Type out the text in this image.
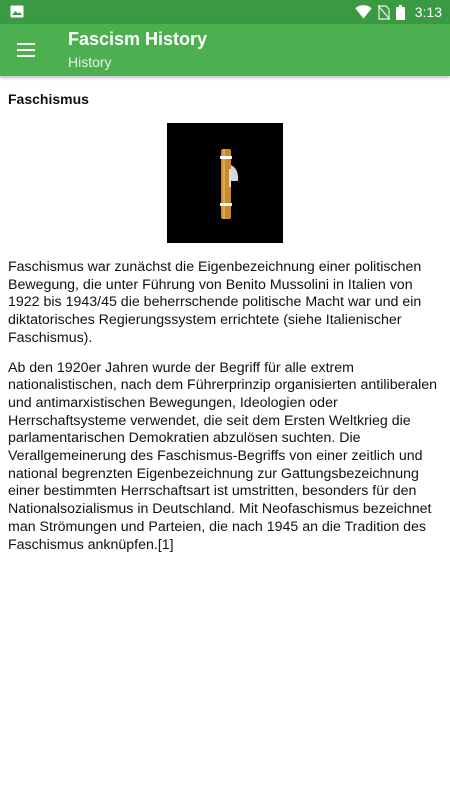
3:13
Fascism History
History
Faschismus

Faschismus war zunächst die Eigenbezeichnung einer politischen Bewegung, die unter Führung von Benito Mussolini in Italien von 1922 bis 1943/45 die beherrschende politische Macht war und ein diktatorisches Regierungssystem errichtete (siehe Italienischer Faschismus).

Ab den 1920er Jahren wurde der Begriff für alle extrem nationalistischen, nach dem Führerprinzip organisierten antiliberalen und antimarxistischen Bewegungen, Ideologien oder Herrschaftsysteme verwendet, die seit dem Ersten Weltkrieg die parlamentarischen Demokratien abzulösen suchten. Die Verallgemeinerung des Faschismus-Begriffs von einer zeitlich und national begrenzten Eigenbezeichnung zur Gattungsbezeichnung einer bestimmten Herrschaftsart ist umstritten, besonders für den Nationalsozialismus in Deutschland. Mit Neofaschismus bezeichnet man Strömungen und Parteien, die nach 1945 an die Tradition des Faschismus anknüpfen.[1]
